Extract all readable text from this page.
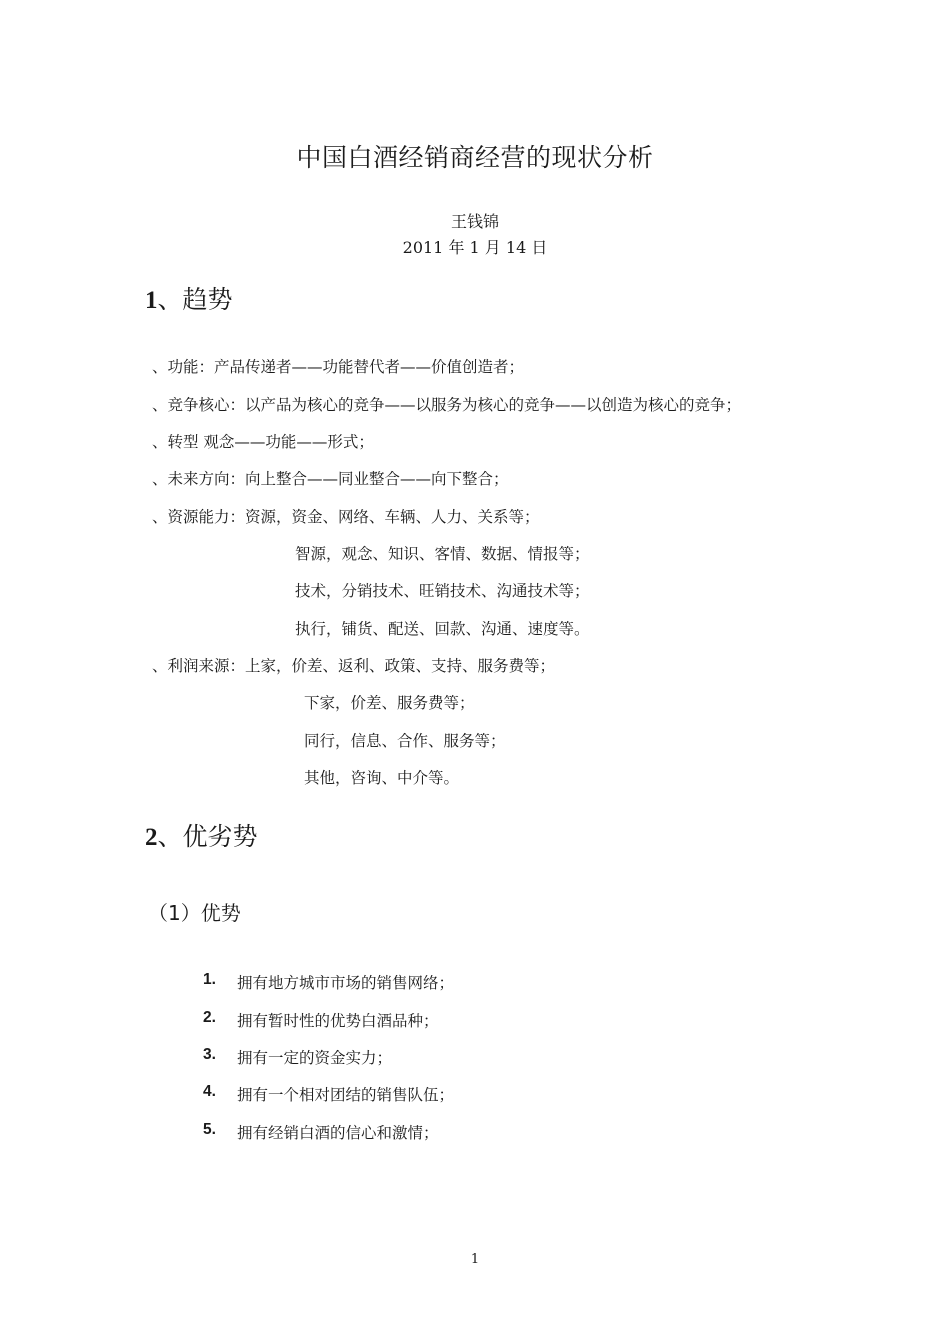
中国白酒经销商经营的现状分析
王钱锦
2011 年 1 月 14 日
1、趋势
、功能：产品传递者——功能替代者——价值创造者；
、竞争核心：以产品为核心的竞争——以服务为核心的竞争——以创造为核心的竞争；
、转型 观念——功能——形式；
、未来方向：向上整合——同业整合——向下整合；
、资源能力：资源，资金、网络、车辆、人力、关系等；
智源，观念、知识、客情、数据、情报等；
技术，分销技术、旺销技术、沟通技术等；
执行，铺货、配送、回款、沟通、速度等。
、利润来源：上家，价差、返利、政策、支持、服务费等；
下家，价差、服务费等；
同行，信息、合作、服务等；
其他，咨询、中介等。
2、优劣势
（1）优势
1. 拥有地方城市市场的销售网络；
2. 拥有暂时性的优势白酒品种；
3. 拥有一定的资金实力；
4. 拥有一个相对团结的销售队伍；
5. 拥有经销白酒的信心和激情；
1
